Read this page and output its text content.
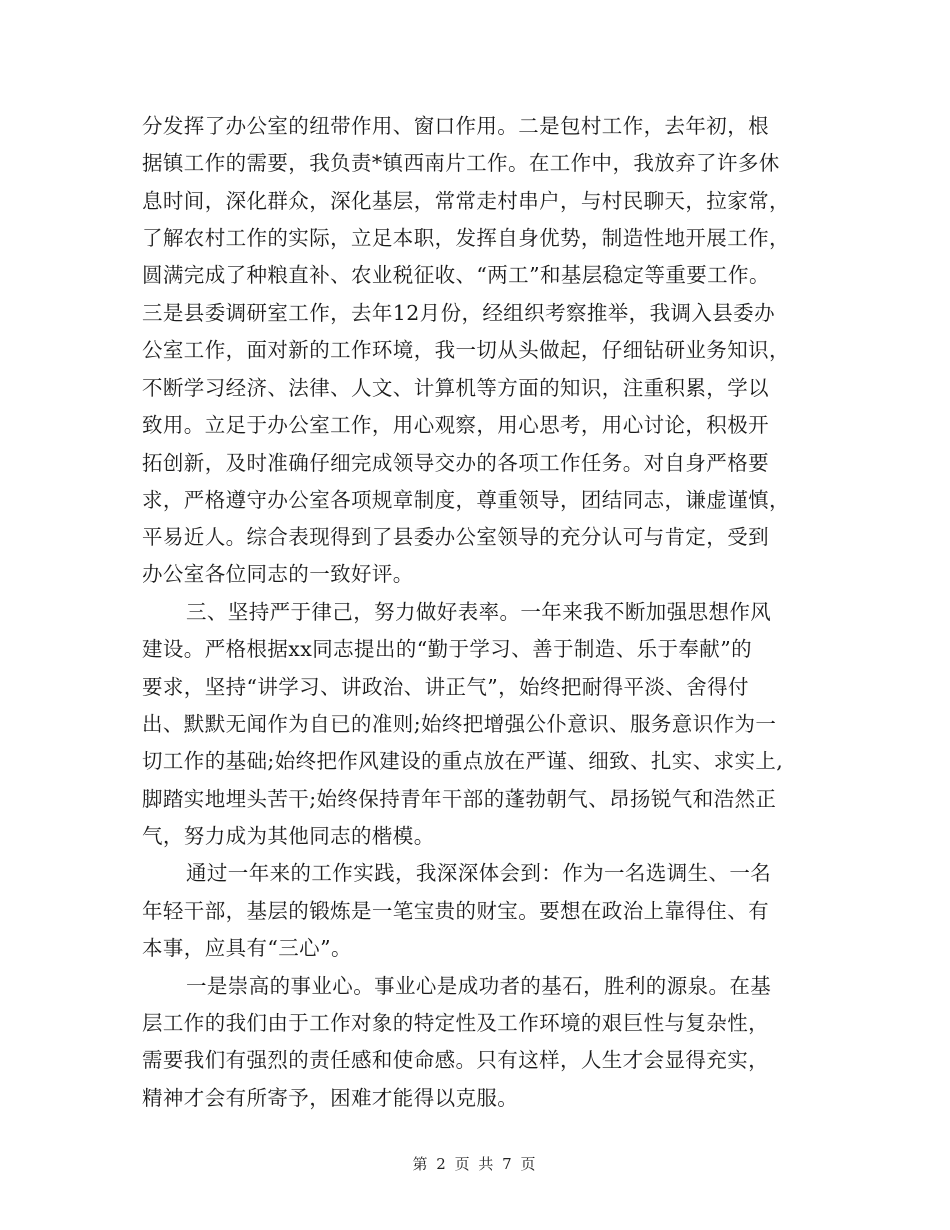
分发挥了办公室的纽带作用、窗口作用。二是包村工作，去年初，根
据镇工作的需要，我负责*镇西南片工作。在工作中，我放弃了许多休
息时间，深化群众，深化基层，常常走村串户，与村民聊天，拉家常，
了解农村工作的实际，立足本职，发挥自身优势，制造性地开展工作，
圆满完成了种粮直补、农业税征收、“两工”和基层稳定等重要工作。
三是县委调研室工作，去年12月份，经组织考察推举，我调入县委办
公室工作，面对新的工作环境，我一切从头做起，仔细钻研业务知识，
不断学习经济、法律、人文、计算机等方面的知识，注重积累，学以
致用。立足于办公室工作，用心观察，用心思考，用心讨论，积极开
拓创新，及时准确仔细完成领导交办的各项工作任务。对自身严格要
求，严格遵守办公室各项规章制度，尊重领导，团结同志，谦虚谨慎，
平易近人。综合表现得到了县委办公室领导的充分认可与肯定，受到
办公室各位同志的一致好评。
三、坚持严于律己，努力做好表率。一年来我不断加强思想作风
建设。严格根据xx同志提出的“勤于学习、善于制造、乐于奉献”的
要求，坚持“讲学习、讲政治、讲正气”，始终把耐得平淡、舍得付
出、默默无闻作为自已的准则;始终把增强公仆意识、服务意识作为一
切工作的基础;始终把作风建设的重点放在严谨、细致、扎实、求实上,
脚踏实地埋头苦干;始终保持青年干部的蓬勃朝气、昂扬锐气和浩然正
气，努力成为其他同志的楷模。
通过一年来的工作实践，我深深体会到：作为一名选调生、一名
年轻干部，基层的锻炼是一笔宝贵的财宝。要想在政治上靠得住、有
本事，应具有“三心”。
一是崇高的事业心。事业心是成功者的基石，胜利的源泉。在基
层工作的我们由于工作对象的特定性及工作环境的艰巨性与复杂性，
需要我们有强烈的责任感和使命感。只有这样，人生才会显得充实，
精神才会有所寄予，困难才能得以克服。
第 2 页 共 7 页
